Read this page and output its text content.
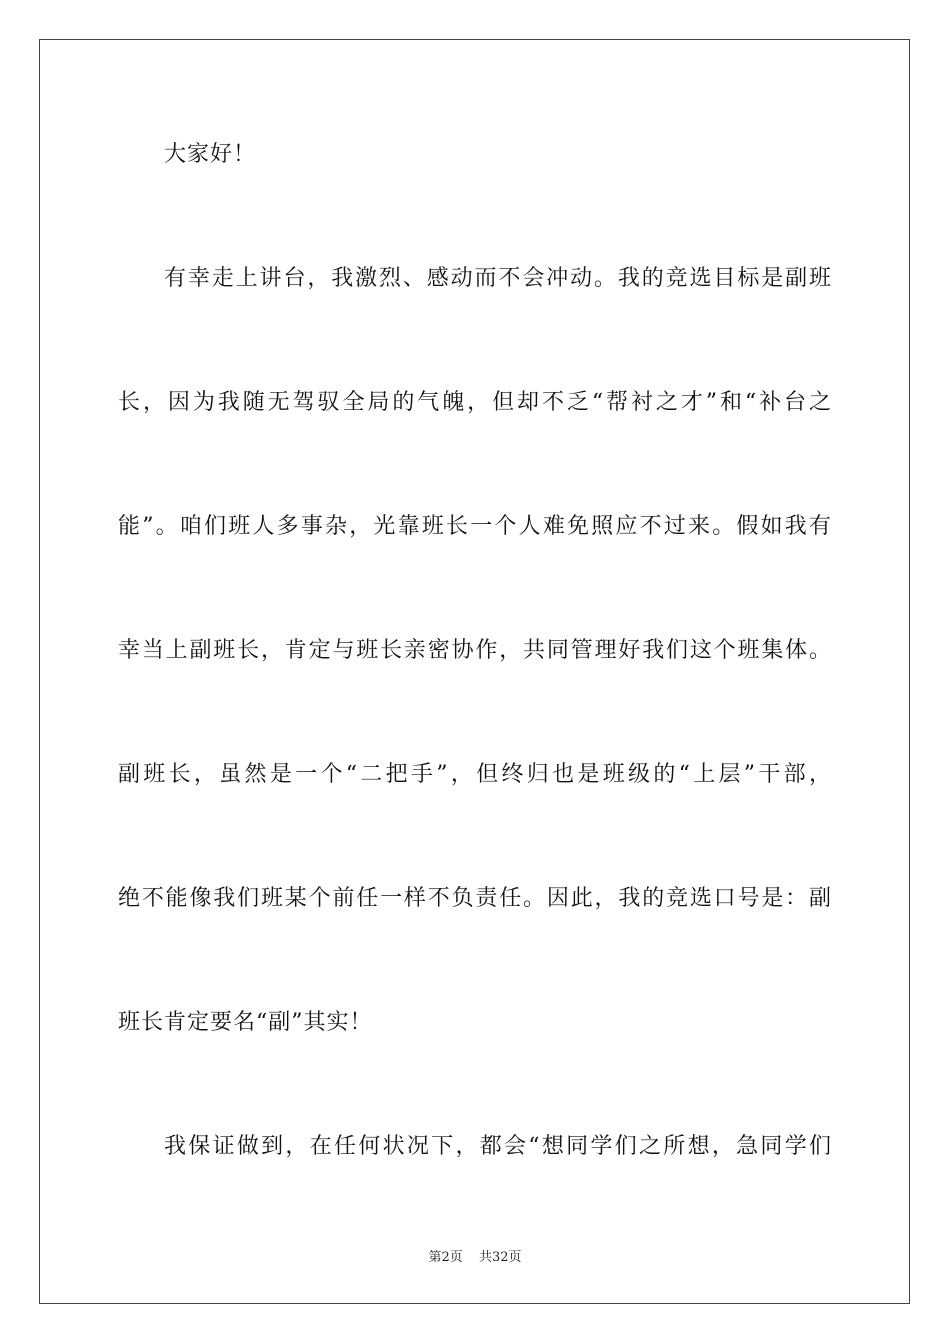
大家好！

有幸走上讲台，我激烈、感动而不会冲动。我的竞选目标是副班
长，因为我随无驾驭全局的气魄，但却不乏“帮衬之才”和“补台之
能”。咱们班人多事杂，光靠班长一个人难免照应不过来。假如我有
幸当上副班长，肯定与班长亲密协作，共同管理好我们这个班集体。
副班长，虽然是一个“二把手”，但终归也是班级的“上层”干部，
绝不能像我们班某个前任一样不负责任。因此，我的竞选口号是：副
班长肯定要名“副”其实！
我保证做到，在任何状况下，都会“想同学们之所想，急同学们
第2页 共32页
